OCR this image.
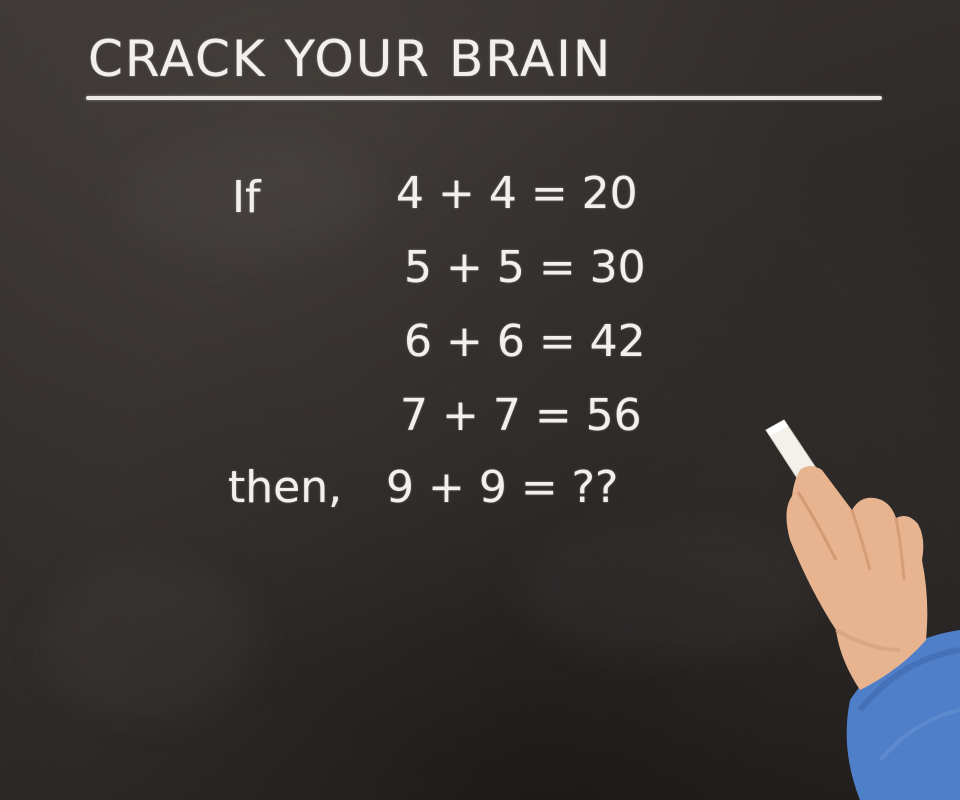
CRACK YOUR BRAIN

If	4 + 4 = 20

5 + 5 = 30

6 + 6 = 42

7 + 7 = 56

then, 9 + 9 = ??
